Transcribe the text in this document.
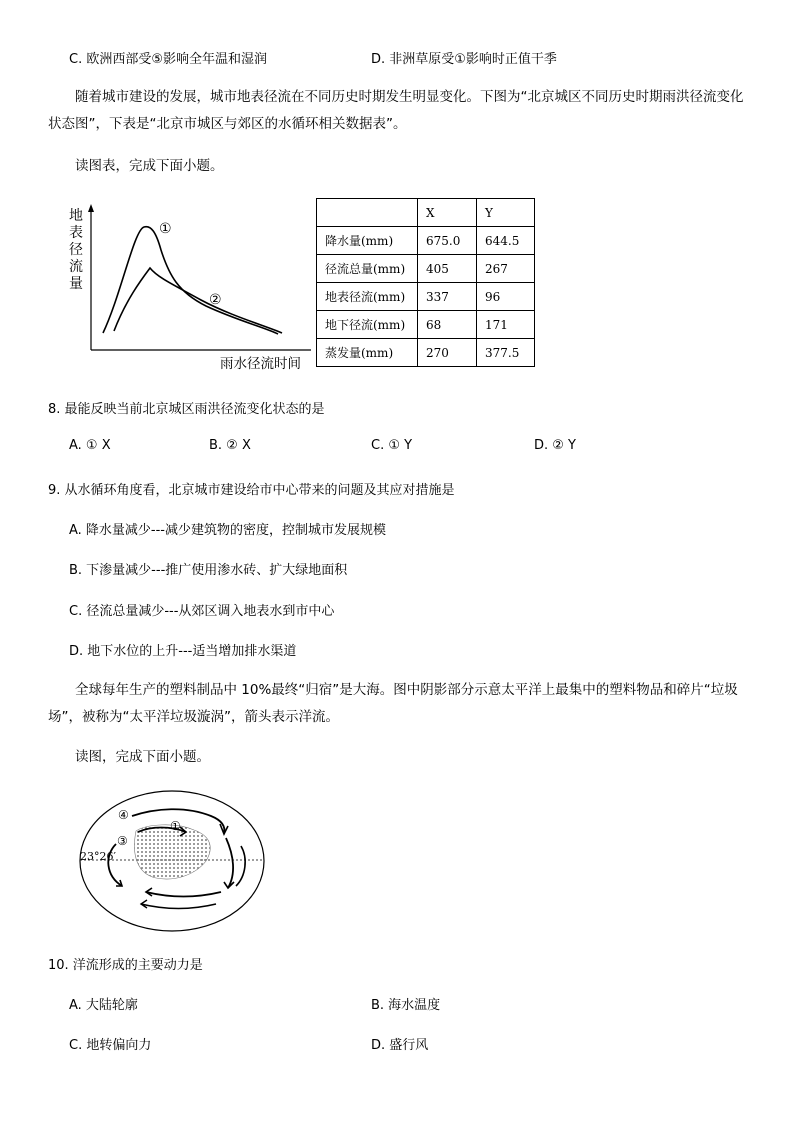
C. 欧洲西部受⑤影响全年温和湿润	D. 非洲草原受①影响时正值干季
随着城市建设的发展，城市地表径流在不同历史时期发生明显变化。下图为“北京城区不同历史时期雨洪径流变化状态图”，下表是“北京市城区与郊区的水循环相关数据表”。
读图表，完成下面小题。
地
表
径
流
量
①
②
雨水径流时间
	X	Y
降水量(mm)	675.0	644.5
径流总量(mm)	405	267
地表径流(mm)	337	96
地下径流(mm)	68	171
蒸发量(mm)	270	377.5
8. 最能反映当前北京城区雨洪径流变化状态的是
A. ① X	B. ② X	C. ① Y	D. ② Y
9. 从水循环角度看，北京城市建设给市中心带来的问题及其应对措施是
A. 降水量减少---减少建筑物的密度，控制城市发展规模
B. 下渗量减少---推广使用渗水砖、扩大绿地面积
C. 径流总量减少---从郊区调入地表水到市中心
D. 地下水位的上升---适当增加排水渠道
全球每年生产的塑料制品中 10%最终“归宿”是大海。图中阴影部分示意太平洋上最集中的塑料物品和碎片“垃圾场”，被称为“太平洋垃圾漩涡”，箭头表示洋流。
读图，完成下面小题。
④
①
③
23°26′
10. 洋流形成的主要动力是
A. 大陆轮廓	B. 海水温度
C. 地转偏向力	D. 盛行风
